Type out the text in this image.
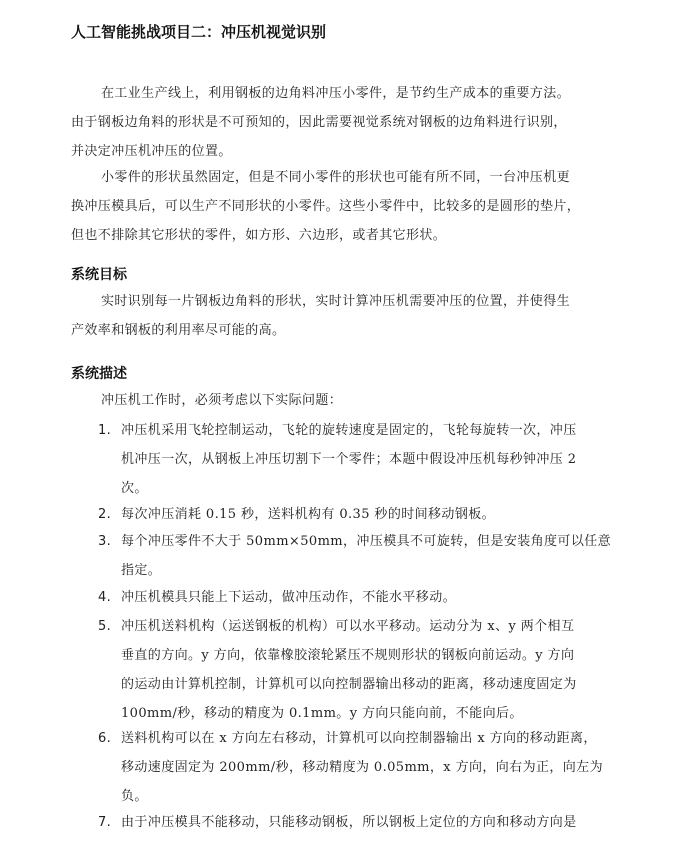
人工智能挑战项目二：冲压机视觉识别
在工业生产线上，利用钢板的边角料冲压小零件，是节约生产成本的重要方法。
由于钢板边角料的形状是不可预知的，因此需要视觉系统对钢板的边角料进行识别，
并决定冲压机冲压的位置。
小零件的形状虽然固定，但是不同小零件的形状也可能有所不同，一台冲压机更
换冲压模具后，可以生产不同形状的小零件。这些小零件中，比较多的是圆形的垫片，
但也不排除其它形状的零件，如方形、六边形，或者其它形状。
系统目标
实时识别每一片钢板边角料的形状，实时计算冲压机需要冲压的位置，并使得生
产效率和钢板的利用率尽可能的高。
系统描述
冲压机工作时，必须考虑以下实际问题：
1. 冲压机采用飞轮控制运动，飞轮的旋转速度是固定的，飞轮每旋转一次，冲压
机冲压一次，从钢板上冲压切割下一个零件；本题中假设冲压机每秒钟冲压 2
次。
2. 每次冲压消耗 0.15 秒，送料机构有 0.35 秒的时间移动钢板。
3. 每个冲压零件不大于 50mm×50mm，冲压模具不可旋转，但是安装角度可以任意
指定。
4. 冲压机模具只能上下运动，做冲压动作，不能水平移动。
5. 冲压机送料机构（运送钢板的机构）可以水平移动。运动分为 x、y 两个相互
垂直的方向。y 方向，依靠橡胶滚轮紧压不规则形状的钢板向前运动。y 方向
的运动由计算机控制，计算机可以向控制器输出移动的距离，移动速度固定为
100mm/秒，移动的精度为 0.1mm。y 方向只能向前，不能向后。
6. 送料机构可以在 x 方向左右移动，计算机可以向控制器输出 x 方向的移动距离，
移动速度固定为 200mm/秒，移动精度为 0.05mm，x 方向，向右为正，向左为
负。
7. 由于冲压模具不能移动，只能移动钢板，所以钢板上定位的方向和移动方向是
